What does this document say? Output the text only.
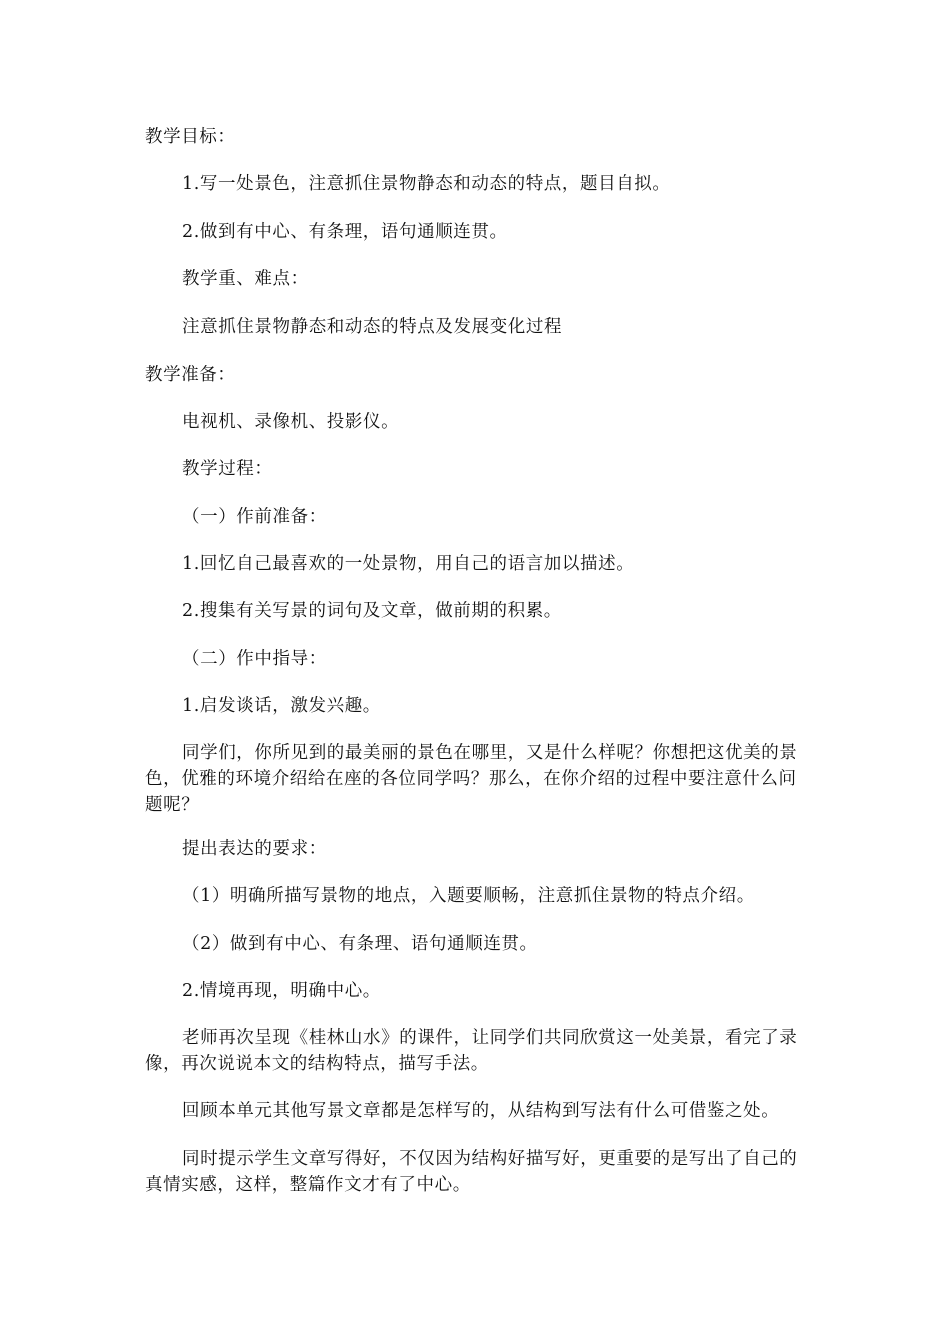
教学目标：

1.写一处景色，注意抓住景物静态和动态的特点，题目自拟。

2.做到有中心、有条理，语句通顺连贯。

教学重、难点：

注意抓住景物静态和动态的特点及发展变化过程

教学准备：

电视机、录像机、投影仪。

教学过程：

（一）作前准备：

1.回忆自己最喜欢的一处景物，用自己的语言加以描述。

2.搜集有关写景的词句及文章，做前期的积累。

（二）作中指导：

1.启发谈话，激发兴趣。

同学们，你所见到的最美丽的景色在哪里，又是什么样呢？你想把这优美的景色，优雅的环境介绍给在座的各位同学吗？那么，在你介绍的过程中要注意什么问题呢？

提出表达的要求：

（1）明确所描写景物的地点，入题要顺畅，注意抓住景物的特点介绍。

（2）做到有中心、有条理、语句通顺连贯。

2.情境再现，明确中心。

老师再次呈现《桂林山水》的课件，让同学们共同欣赏这一处美景，看完了录像，再次说说本文的结构特点，描写手法。

回顾本单元其他写景文章都是怎样写的，从结构到写法有什么可借鉴之处。

同时提示学生文章写得好，不仅因为结构好描写好，更重要的是写出了自己的真情实感，这样，整篇作文才有了中心。
